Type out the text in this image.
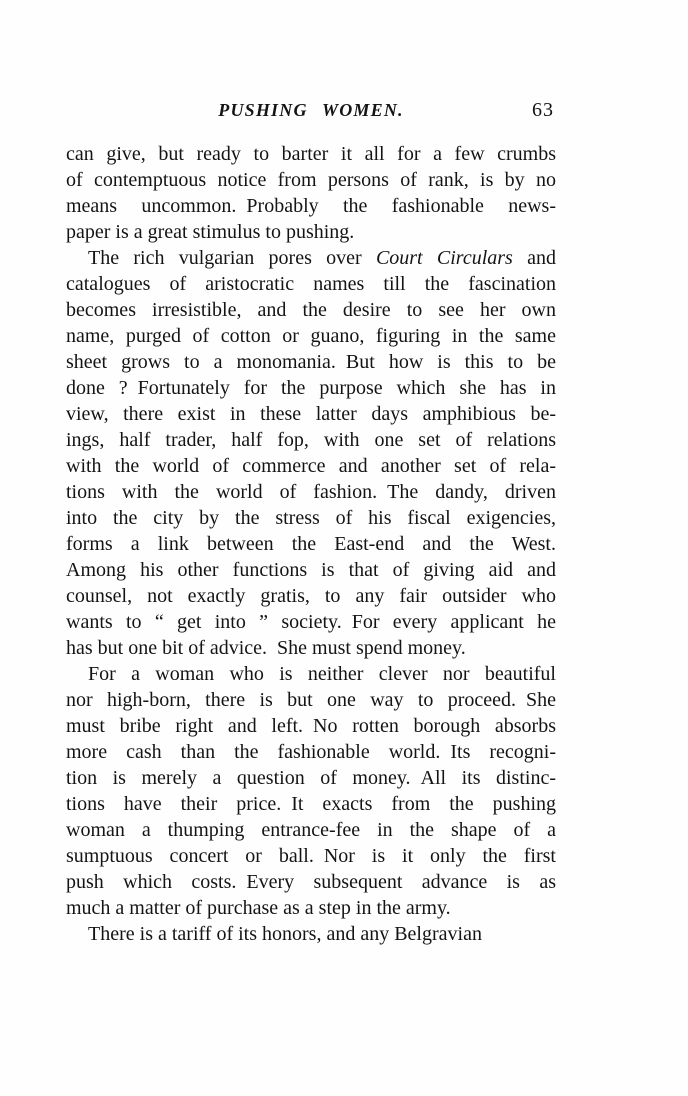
PUSHING WOMEN.	63
can give, but ready to barter it all for a few crumbs
of contemptuous notice from persons of rank, is by no
means uncommon. Probably the fashionable news-
paper is a great stimulus to pushing.
The rich vulgarian pores over Court Circulars and
catalogues of aristocratic names till the fascination
becomes irresistible, and the desire to see her own
name, purged of cotton or guano, figuring in the same
sheet grows to a monomania. But how is this to be
done ? Fortunately for the purpose which she has in
view, there exist in these latter days amphibious be-
ings, half trader, half fop, with one set of relations
with the world of commerce and another set of rela-
tions with the world of fashion. The dandy, driven
into the city by the stress of his fiscal exigencies,
forms a link between the East-end and the West.
Among his other functions is that of giving aid and
counsel, not exactly gratis, to any fair outsider who
wants to “ get into ” society. For every applicant he
has but one bit of advice. She must spend money.
For a woman who is neither clever nor beautiful
nor high-born, there is but one way to proceed. She
must bribe right and left. No rotten borough absorbs
more cash than the fashionable world. Its recogni-
tion is merely a question of money. All its distinc-
tions have their price. It exacts from the pushing
woman a thumping entrance-fee in the shape of a
sumptuous concert or ball. Nor is it only the first
push which costs. Every subsequent advance is as
much a matter of purchase as a step in the army.
There is a tariff of its honors, and any Belgravian
